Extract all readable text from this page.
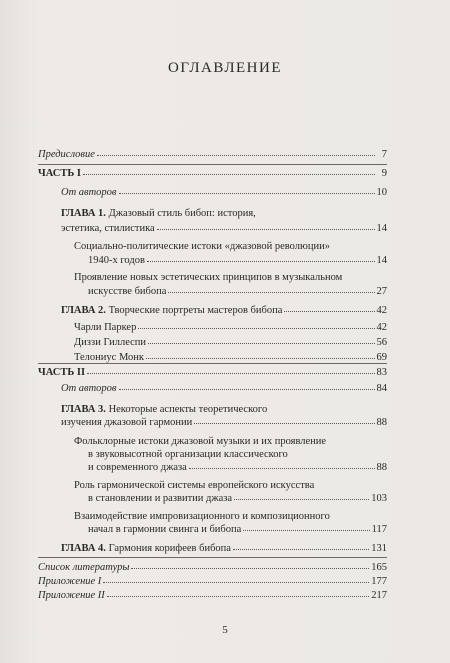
ОГЛАВЛЕНИЕ
Предисловие	7
ЧАСТЬ I	9
От авторов	10
ГЛАВА 1. Джазовый стиль бибоп: история,
эстетика, стилистика	14
Социально-политические истоки «джазовой революции»
1940-х годов	14
Проявление новых эстетических принципов в музыкальном
искусстве бибопа	27
ГЛАВА 2. Творческие портреты мастеров бибопа	42
Чарли Паркер	42
Диззи Гиллеспи	56
Телониус Монк	69
ЧАСТЬ II	83
От авторов	84
ГЛАВА 3. Некоторые аспекты теоретического
изучения джазовой гармонии	88
Фольклорные истоки джазовой музыки и их проявление
в звуковысотной организации классического
и современного джаза	88
Роль гармонической системы европейского искусства
в становлении и развитии джаза	103
Взаимодействие импровизационного и композиционного
начал в гармонии свинга и бибопа	117
ГЛАВА 4. Гармония корифеев бибопа	131
Список литературы	165
Приложение I	177
Приложение II	217
5
